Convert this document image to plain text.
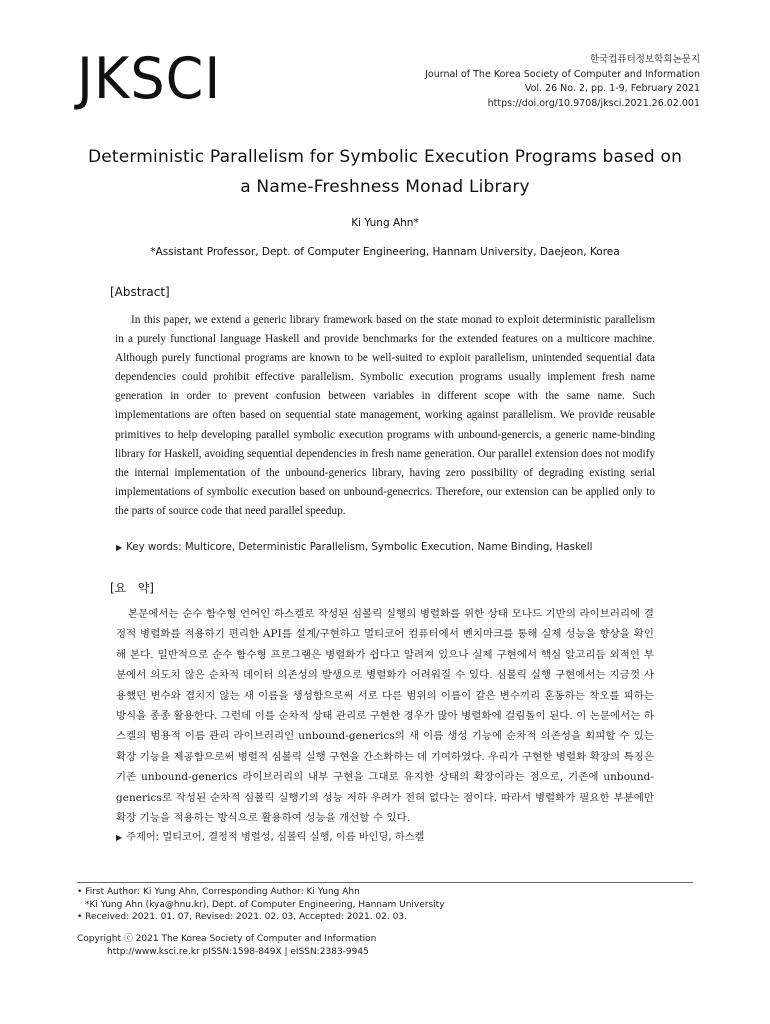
JKSCI	한국컴퓨터정보학회논문지
Journal of The Korea Society of Computer and Information
Vol. 26 No. 2, pp. 1-9, February 2021
https://doi.org/10.9708/jksci.2021.26.02.001
Deterministic Parallelism for Symbolic Execution Programs based on
a Name-Freshness Monad Library
Ki Yung Ahn*
*Assistant Professor, Dept. of Computer Engineering, Hannam University, Daejeon, Korea
[Abstract]
In this paper, we extend a generic library framework based on the state monad to exploit deterministic parallelism in a purely functional language Haskell and provide benchmarks for the extended features on a multicore machine. Although purely functional programs are known to be well-suited to exploit parallelism, unintended sequential data dependencies could prohibit effective parallelism. Symbolic execution programs usually implement fresh name generation in order to prevent confusion between variables in different scope with the same name. Such implementations are often based on sequential state management, working against parallelism. We provide reusable primitives to help developing parallel symbolic execution programs with unbound-genercis, a generic name-binding library for Haskell, avoiding sequential dependencies in fresh name generation. Our parallel extension does not modify the internal implementation of the unbound-generics library, having zero possibility of degrading existing serial implementations of symbolic execution based on unbound-genecrics. Therefore, our extension can be applied only to the parts of source code that need parallel speedup.
▶ Key words: Multicore, Deterministic Parallelism, Symbolic Execution, Name Binding, Haskell
[요   약]
본문에서는 순수 함수형 언어인 하스켈로 작성된 심볼릭 실행의 병렬화를 위한 상태 모나드 기반의 라이브러리에 결정적 병렬화를 적용하기 편리한 API를 설계/구현하고 멀티코어 컴퓨터에서 벤치마크를 통해 실제 성능을 향상을 확인해 본다. 일반적으로 순수 함수형 프로그램은 병렬화가 쉽다고 알려져 있으나 실제 구현에서 핵심 알고리듬 외적인 부분에서 의도치 않은 순차적 데이터 의존성의 발생으로 병렬화가 어려워질 수 있다. 심볼릭 실행 구현에서는 지금껏 사용했던 변수와 겹치지 않는 새 이름을 생성함으로써 서로 다른 범위의 이름이 같은 변수끼리 혼동하는 착오를 피하는 방식을 종종 활용한다. 그런데 이를 순차적 상태 관리로 구현한 경우가 많아 병렬화에 걸림돌이 된다. 이 논문에서는 하스켈의 범용적 이름 관리 라이브러리인 unbound-generics의 새 이름 생성 기능에 순차적 의존성을 회피할 수 있는 확장 기능을 제공함으로써 병렬적 심볼릭 실행 구현을 간소화하는 데 기여하였다. 우리가 구현한 병렬화 확장의 특징은 기존 unbound-generics 라이브러리의 내부 구현을 그대로 유지한 상태의 확장이라는 점으로, 기존에 unbound-generics로 작성된 순차적 심볼릭 실행기의 성능 저하 우려가 전혀 없다는 점이다. 따라서 병렬화가 필요한 부분에만 확장 기능을 적용하는 방식으로 활용하여 성능을 개선할 수 있다.
▶ 주제어: 멀티코어, 결정적 병렬성, 심볼릭 실행, 이름 바인딩, 하스켈
• First Author: Ki Yung Ahn, Corresponding Author: Ki Yung Ahn
*Ki Yung Ahn (kya@hnu.kr), Dept. of Computer Engineering, Hannam University
• Received: 2021. 01. 07, Revised: 2021. 02. 03, Accepted: 2021. 02. 03.
Copyright ⓒ 2021 The Korea Society of Computer and Information
http://www.ksci.re.kr pISSN:1598-849X | eISSN:2383-9945
